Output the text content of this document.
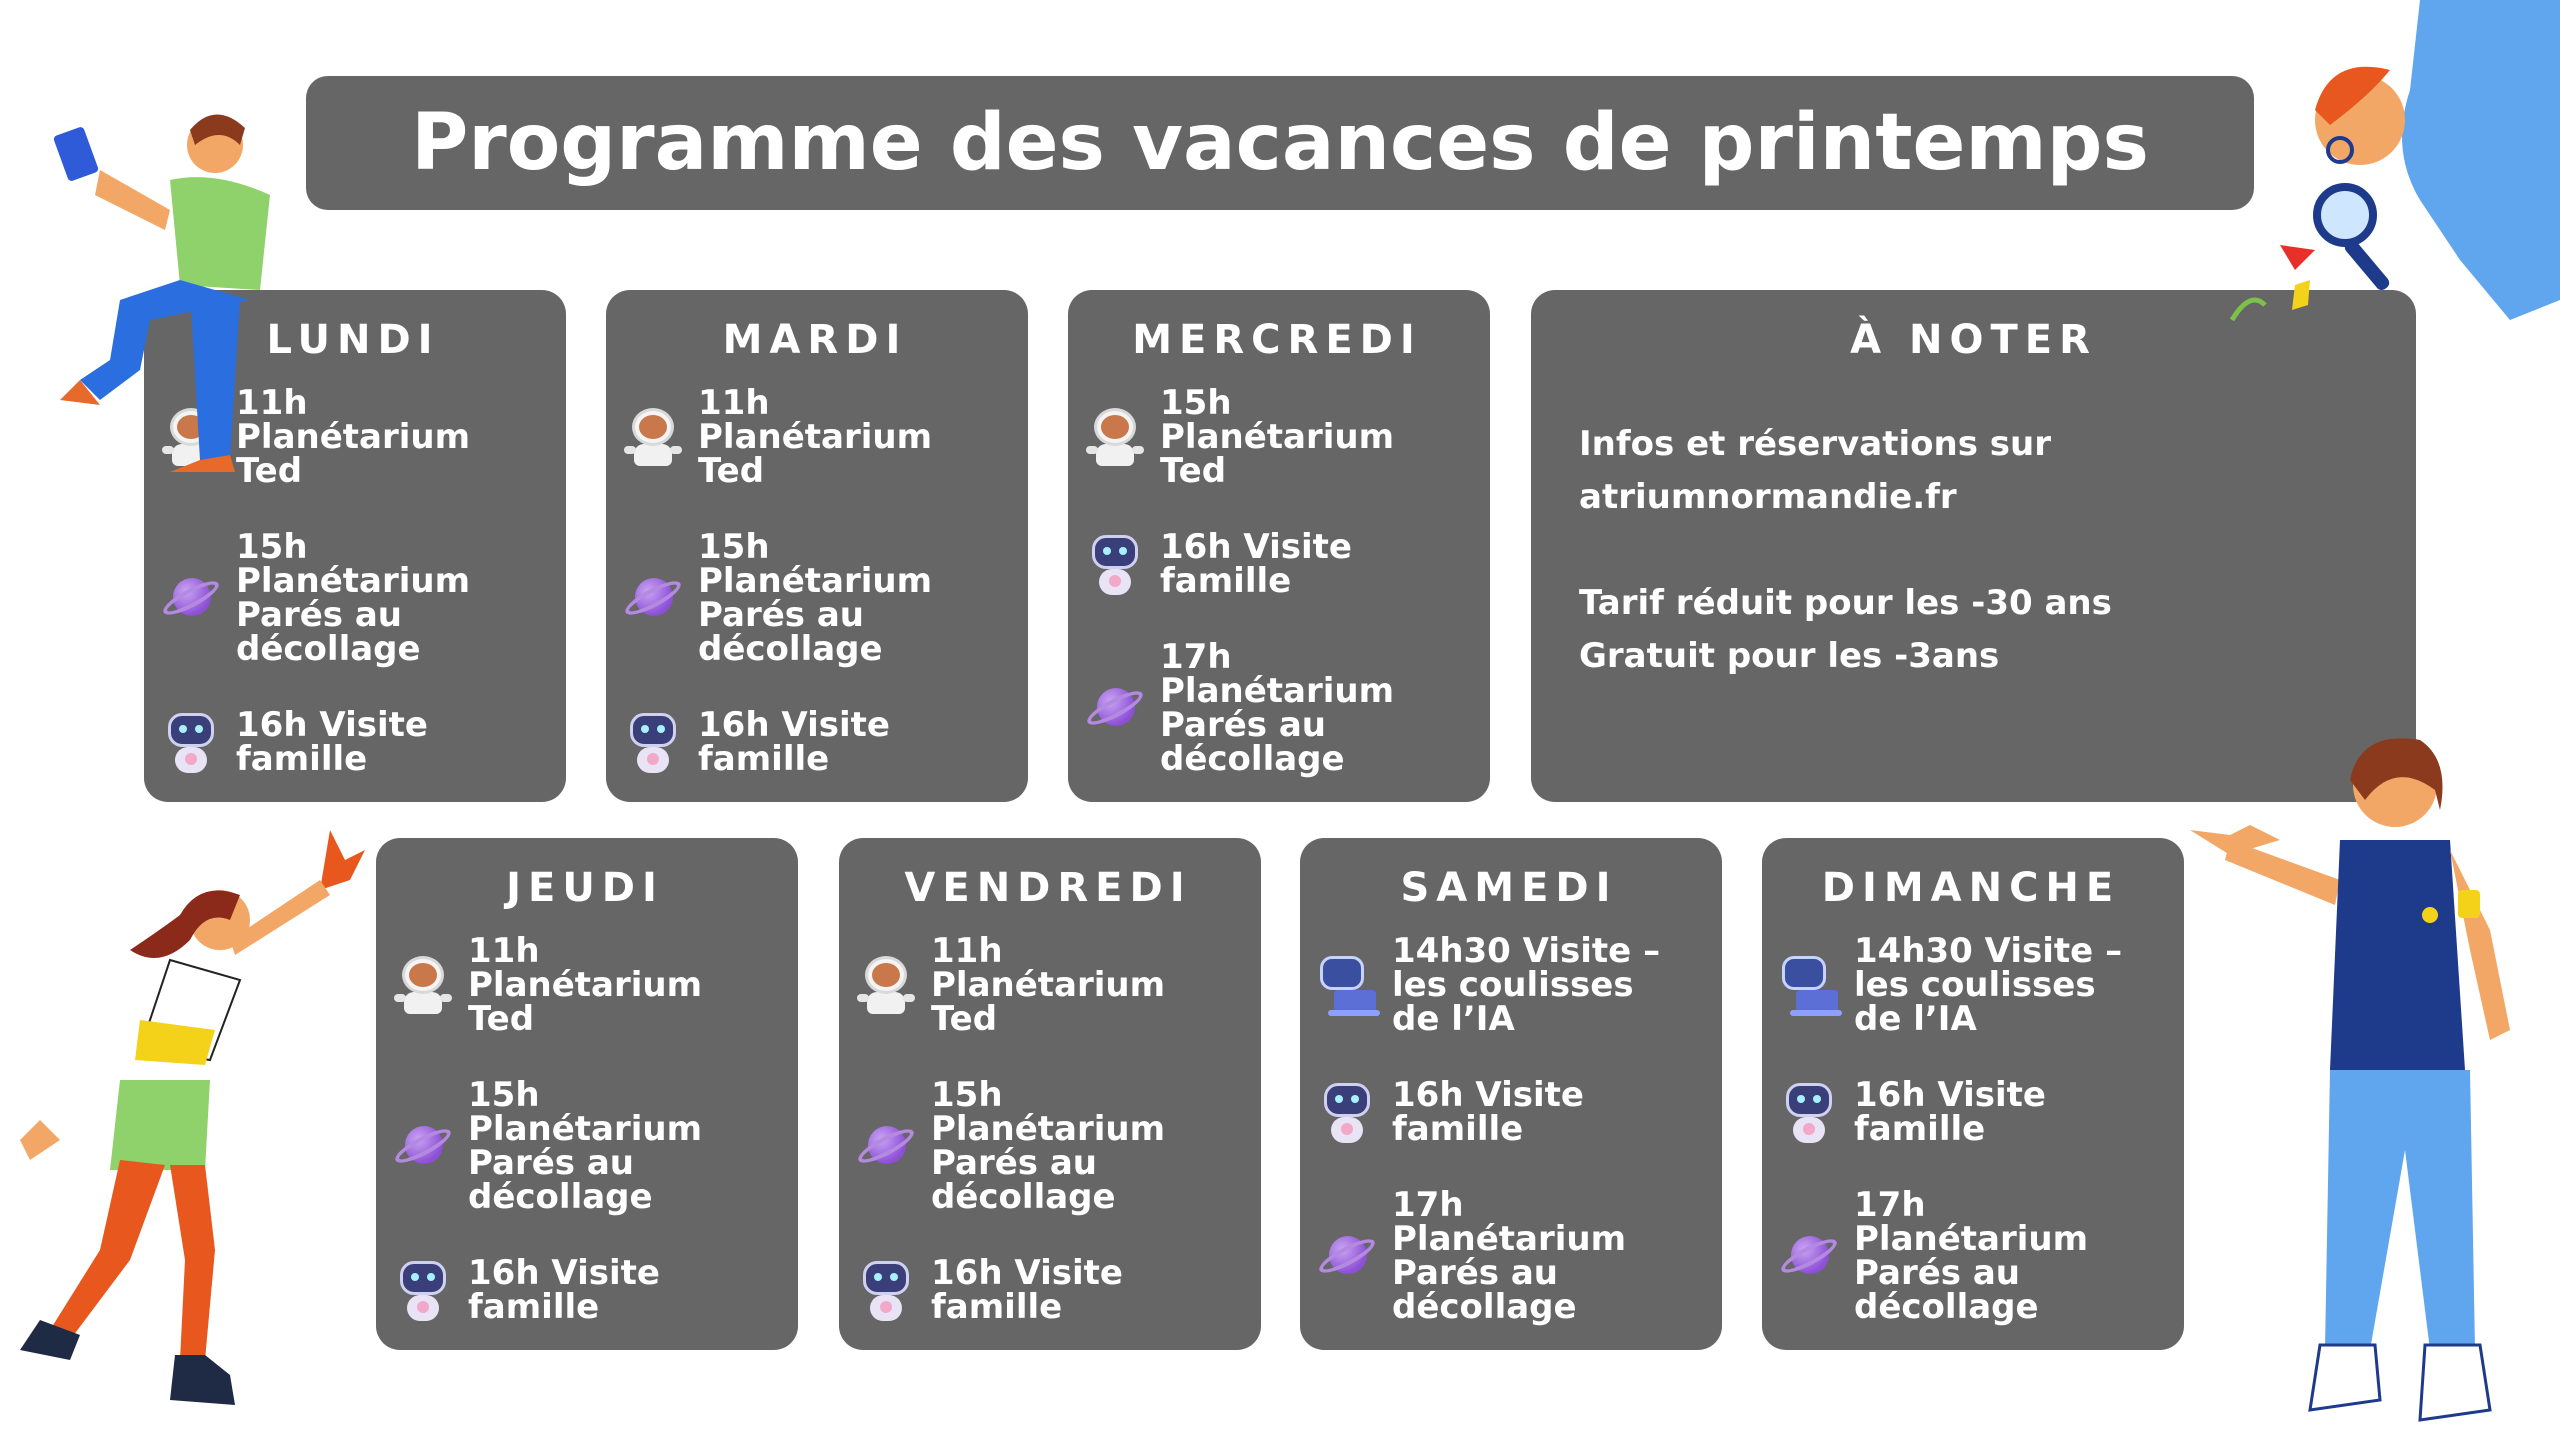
Programme des vacances de printemps
LUNDI
11h
Planétarium
Ted
15h Planétarium
Parés au
décollage
16h Visite
famille
MARDI
11h
Planétarium
Ted
15h Planétarium
Parés au
décollage
16h Visite
famille
MERCREDI
15h
Planétarium
Ted
16h Visite
famille
17h Planétarium
Parés au
décollage
JEUDI
11h
Planétarium
Ted
15h Planétarium
Parés au
décollage
16h Visite
famille
VENDREDI
11h
Planétarium
Ted
15h Planétarium
Parés au
décollage
16h Visite
famille
SAMEDI
14h30 Visite –
les coulisses
de l’IA
16h Visite
famille
17h Planétarium
Parés au
décollage
DIMANCHE
14h30 Visite –
les coulisses
de l’IA
16h Visite
famille
17h Planétarium
Parés au
décollage
À NOTER
Infos et réservations sur
atriumnormandie.fr
Tarif réduit pour les -30 ans
Gratuit pour les -3ans
